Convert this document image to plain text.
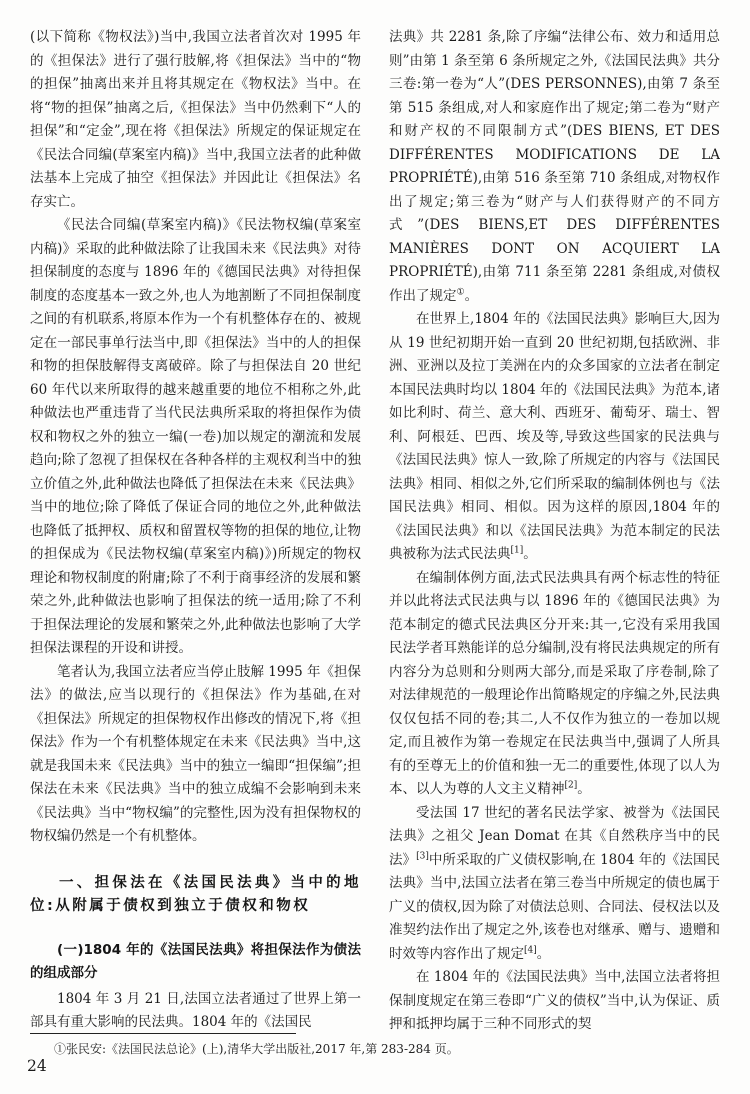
(以下简称《物权法》)当中,我国立法者首次对 1995 年的《担保法》进行了强行肢解,将《担保法》当中的“物的担保”抽离出来并且将其规定在《物权法》当中。在将“物的担保”抽离之后,《担保法》当中仍然剩下“人的担保”和“定金”,现在将《担保法》所规定的保证规定在《民法合同编(草案室内稿)》当中,我国立法者的此种做法基本上完成了抽空《担保法》并因此让《担保法》名存实亡。

《民法合同编(草案室内稿)》《民法物权编(草案室内稿)》采取的此种做法除了让我国未来《民法典》对待担保制度的态度与 1896 年的《德国民法典》对待担保制度的态度基本一致之外,也人为地割断了不同担保制度之间的有机联系,将原本作为一个有机整体存在的、被规定在一部民事单行法当中,即《担保法》当中的人的担保和物的担保肢解得支离破碎。除了与担保法自 20 世纪 60 年代以来所取得的越来越重要的地位不相称之外,此种做法也严重违背了当代民法典所采取的将担保作为债权和物权之外的独立一编(一卷)加以规定的潮流和发展趋向;除了忽视了担保权在各种各样的主观权利当中的独立价值之外,此种做法也降低了担保法在未来《民法典》当中的地位;除了降低了保证合同的地位之外,此种做法也降低了抵押权、质权和留置权等物的担保的地位,让物的担保成为《民法物权编(草案室内稿)》)所规定的物权理论和物权制度的附庸;除了不利于商事经济的发展和繁荣之外,此种做法也影响了担保法的统一适用;除了不利于担保法理论的发展和繁荣之外,此种做法也影响了大学担保法课程的开设和讲授。

笔者认为,我国立法者应当停止肢解 1995 年《担保法》的做法,应当以现行的《担保法》作为基础,在对《担保法》所规定的担保物权作出修改的情况下,将《担保法》作为一个有机整体规定在未来《民法典》当中,这就是我国未来《民法典》当中的独立一编即“担保编”;担保法在未来《民法典》当中的独立成编不会影响到未来《民法典》当中“物权编”的完整性,因为没有担保物权的物权编仍然是一个有机整体。

一、担保法在《法国民法典》当中的地位:从附属于债权到独立于债权和物权
(一)1804 年的《法国民法典》将担保法作为债法的组成部分

1804 年 3 月 21 日,法国立法者通过了世界上第一部具有重大影响的民法典。1804 年的《法国民

法典》共 2281 条,除了序编“法律公布、效力和适用总则”由第 1 条至第 6 条所规定之外,《法国民法典》共分三卷:第一卷为“人”(DES PERSONNES),由第 7 条至第 515 条组成,对人和家庭作出了规定;第二卷为“财产和财产权的不同限制方式”(DES BIENS, ET DES DIFFÉRENTES MODIFICATIONS DE LA PROPRIÉTÉ),由第 516 条至第 710 条组成,对物权作出了规定;第三卷为“财产与人们获得财产的不同方式”(DES BIENS,ET DES DIFFÉRENTES MANIÈRES DONT ON ACQUIERT LA PROPRIÉTÉ),由第 711 条至第 2281 条组成,对债权作出了规定①。

在世界上,1804 年的《法国民法典》影响巨大,因为从 19 世纪初期开始一直到 20 世纪初期,包括欧洲、非洲、亚洲以及拉丁美洲在内的众多国家的立法者在制定本国民法典时均以 1804 年的《法国民法典》为范本,诸如比利时、荷兰、意大利、西班牙、葡萄牙、瑞士、智利、阿根廷、巴西、埃及等,导致这些国家的民法典与《法国民法典》惊人一致,除了所规定的内容与《法国民法典》相同、相似之外,它们所采取的编制体例也与《法国民法典》相同、相似。因为这样的原因,1804 年的《法国民法典》和以《法国民法典》为范本制定的民法典被称为法式民法典[1]。

在编制体例方面,法式民法典具有两个标志性的特征并以此将法式民法典与以 1896 年的《德国民法典》为范本制定的德式民法典区分开来:其一,它没有采用我国民法学者耳熟能详的总分编制,没有将民法典规定的所有内容分为总则和分则两大部分,而是采取了序卷制,除了对法律规范的一般理论作出简略规定的序编之外,民法典仅仅包括不同的卷;其二,人不仅作为独立的一卷加以规定,而且被作为第一卷规定在民法典当中,强调了人所具有的至尊无上的价值和独一无二的重要性,体现了以人为本、以人为尊的人文主义精神[2]。

受法国 17 世纪的著名民法学家、被誉为《法国民法典》之祖父 Jean Domat 在其《自然秩序当中的民法》[3]中所采取的广义债权影响,在 1804 年的《法国民法典》当中,法国立法者在第三卷当中所规定的债也属于广义的债权,因为除了对债法总则、合同法、侵权法以及准契约法作出了规定之外,该卷也对继承、赠与、遗赠和时效等内容作出了规定[4]。

在 1804 年的《法国民法典》当中,法国立法者将担保制度规定在第三卷即“广义的债权”当中,认为保证、质押和抵押均属于三种不同形式的契

①张民安:《法国民法总论》(上),清华大学出版社,2017 年,第 283-284 页。

24
